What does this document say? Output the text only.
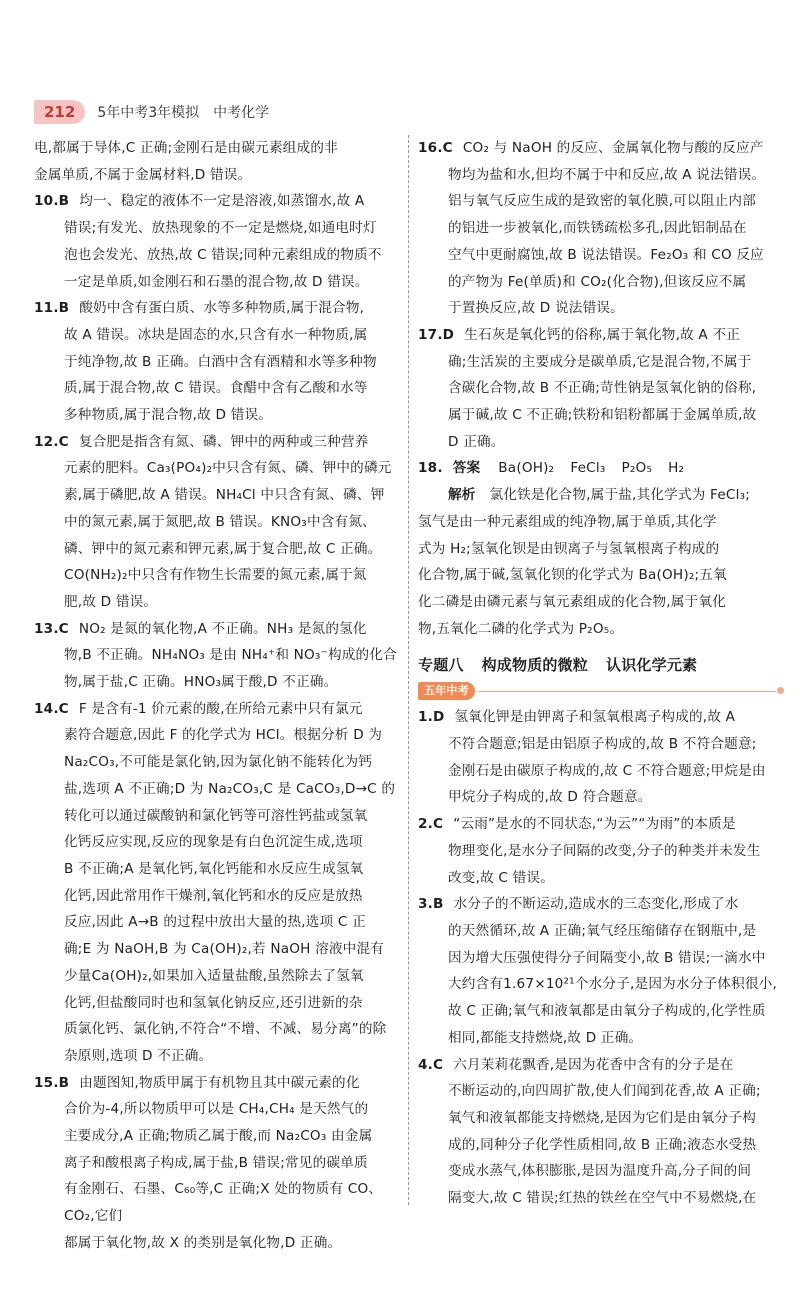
212	5年中考3年模拟 中考化学
电,都属于导体,C 正确;金刚石是由碳元素组成的非
金属单质,不属于金属材料,D 错误。
10.B 均一、稳定的液体不一定是溶液,如蒸馏水,故 A
错误;有发光、放热现象的不一定是燃烧,如通电时灯
泡也会发光、放热,故 C 错误;同种元素组成的物质不
一定是单质,如金刚石和石墨的混合物,故 D 错误。
11.B 酸奶中含有蛋白质、水等多种物质,属于混合物,
故 A 错误。冰块是固态的水,只含有水一种物质,属
于纯净物,故 B 正确。白酒中含有酒精和水等多种物
质,属于混合物,故 C 错误。食醋中含有乙酸和水等
多种物质,属于混合物,故 D 错误。
12.C 复合肥是指含有氮、磷、钾中的两种或三种营养
元素的肥料。Ca₃(PO₄)₂中只含有氮、磷、钾中的磷元
素,属于磷肥,故 A 错误。NH₄Cl 中只含有氮、磷、钾
中的氮元素,属于氮肥,故 B 错误。KNO₃中含有氮、
磷、钾中的氮元素和钾元素,属于复合肥,故 C 正确。
CO(NH₂)₂中只含有作物生长需要的氮元素,属于氮
肥,故 D 错误。
13.C NO₂ 是氮的氧化物,A 不正确。NH₃ 是氮的氢化
物,B 不正确。NH₄NO₃ 是由 NH₄⁺和 NO₃⁻构成的化合
物,属于盐,C 正确。HNO₃属于酸,D 不正确。
14.C F 是含有-1 价元素的酸,在所给元素中只有氯元
素符合题意,因此 F 的化学式为 HCl。根据分析 D 为
Na₂CO₃,不可能是氯化钠,因为氯化钠不能转化为钙
盐,选项 A 不正确;D 为 Na₂CO₃,C 是 CaCO₃,D→C 的
转化可以通过碳酸钠和氯化钙等可溶性钙盐或氢氧
化钙反应实现,反应的现象是有白色沉淀生成,选项
B 不正确;A 是氧化钙,氧化钙能和水反应生成氢氧
化钙,因此常用作干燥剂,氧化钙和水的反应是放热
反应,因此 A→B 的过程中放出大量的热,选项 C 正
确;E 为 NaOH,B 为 Ca(OH)₂,若 NaOH 溶液中混有
少量Ca(OH)₂,如果加入适量盐酸,虽然除去了氢氧
化钙,但盐酸同时也和氢氧化钠反应,还引进新的杂
质氯化钙、氯化钠,不符合“不增、不减、易分离”的除
杂原则,选项 D 不正确。
15.B 由题图知,物质甲属于有机物且其中碳元素的化
合价为-4,所以物质甲可以是 CH₄,CH₄ 是天然气的
主要成分,A 正确;物质乙属于酸,而 Na₂CO₃ 由金属
离子和酸根离子构成,属于盐,B 错误;常见的碳单质
有金刚石、石墨、C₆₀等,C 正确;X 处的物质有 CO、CO₂,它们
都属于氧化物,故 X 的类别是氧化物,D 正确。
16.C CO₂ 与 NaOH 的反应、金属氧化物与酸的反应产
物均为盐和水,但均不属于中和反应,故 A 说法错误。
铝与氧气反应生成的是致密的氧化膜,可以阻止内部
的铝进一步被氧化,而铁锈疏松多孔,因此铝制品在
空气中更耐腐蚀,故 B 说法错误。Fe₂O₃ 和 CO 反应
的产物为 Fe(单质)和 CO₂(化合物),但该反应不属
于置换反应,故 D 说法错误。
17.D 生石灰是氧化钙的俗称,属于氧化物,故 A 不正
确;生活炭的主要成分是碳单质,它是混合物,不属于
含碳化合物,故 B 不正确;苛性钠是氢氧化钠的俗称,
属于碱,故 C 不正确;铁粉和铝粉都属于金属单质,故
D 正确。
18. 答案 Ba(OH)₂ FeCl₃ P₂O₅ H₂
解析 氯化铁是化合物,属于盐,其化学式为 FeCl₃;
氢气是由一种元素组成的纯净物,属于单质,其化学
式为 H₂;氢氧化钡是由钡离子与氢氧根离子构成的
化合物,属于碱,氢氧化钡的化学式为 Ba(OH)₂;五氧
化二磷是由磷元素与氧元素组成的化合物,属于氧化
物,五氧化二磷的化学式为 P₂O₅。
专题八 构成物质的微粒 认识化学元素
五年中考
1.D 氢氧化钾是由钾离子和氢氧根离子构成的,故 A
不符合题意;铝是由铝原子构成的,故 B 不符合题意;
金刚石是由碳原子构成的,故 C 不符合题意;甲烷是由
甲烷分子构成的,故 D 符合题意。
2.C “云雨”是水的不同状态,“为云”“为雨”的本质是
物理变化,是水分子间隔的改变,分子的种类并未发生
改变,故 C 错误。
3.B 水分子的不断运动,造成水的三态变化,形成了水
的天然循环,故 A 正确;氧气经压缩储存在钢瓶中,是
因为增大压强使得分子间隔变小,故 B 错误;一滴水中
大约含有1.67×10²¹个水分子,是因为水分子体积很小,
故 C 正确;氧气和液氧都是由氧分子构成的,化学性质
相同,都能支持燃烧,故 D 正确。
4.C 六月茉莉花飘香,是因为花香中含有的分子是在
不断运动的,向四周扩散,使人们闻到花香,故 A 正确;
氧气和液氧都能支持燃烧,是因为它们是由氧分子构
成的,同种分子化学性质相同,故 B 正确;液态水受热
变成水蒸气,体积膨胀,是因为温度升高,分子间的间
隔变大,故 C 错误;红热的铁丝在空气中不易燃烧,在
